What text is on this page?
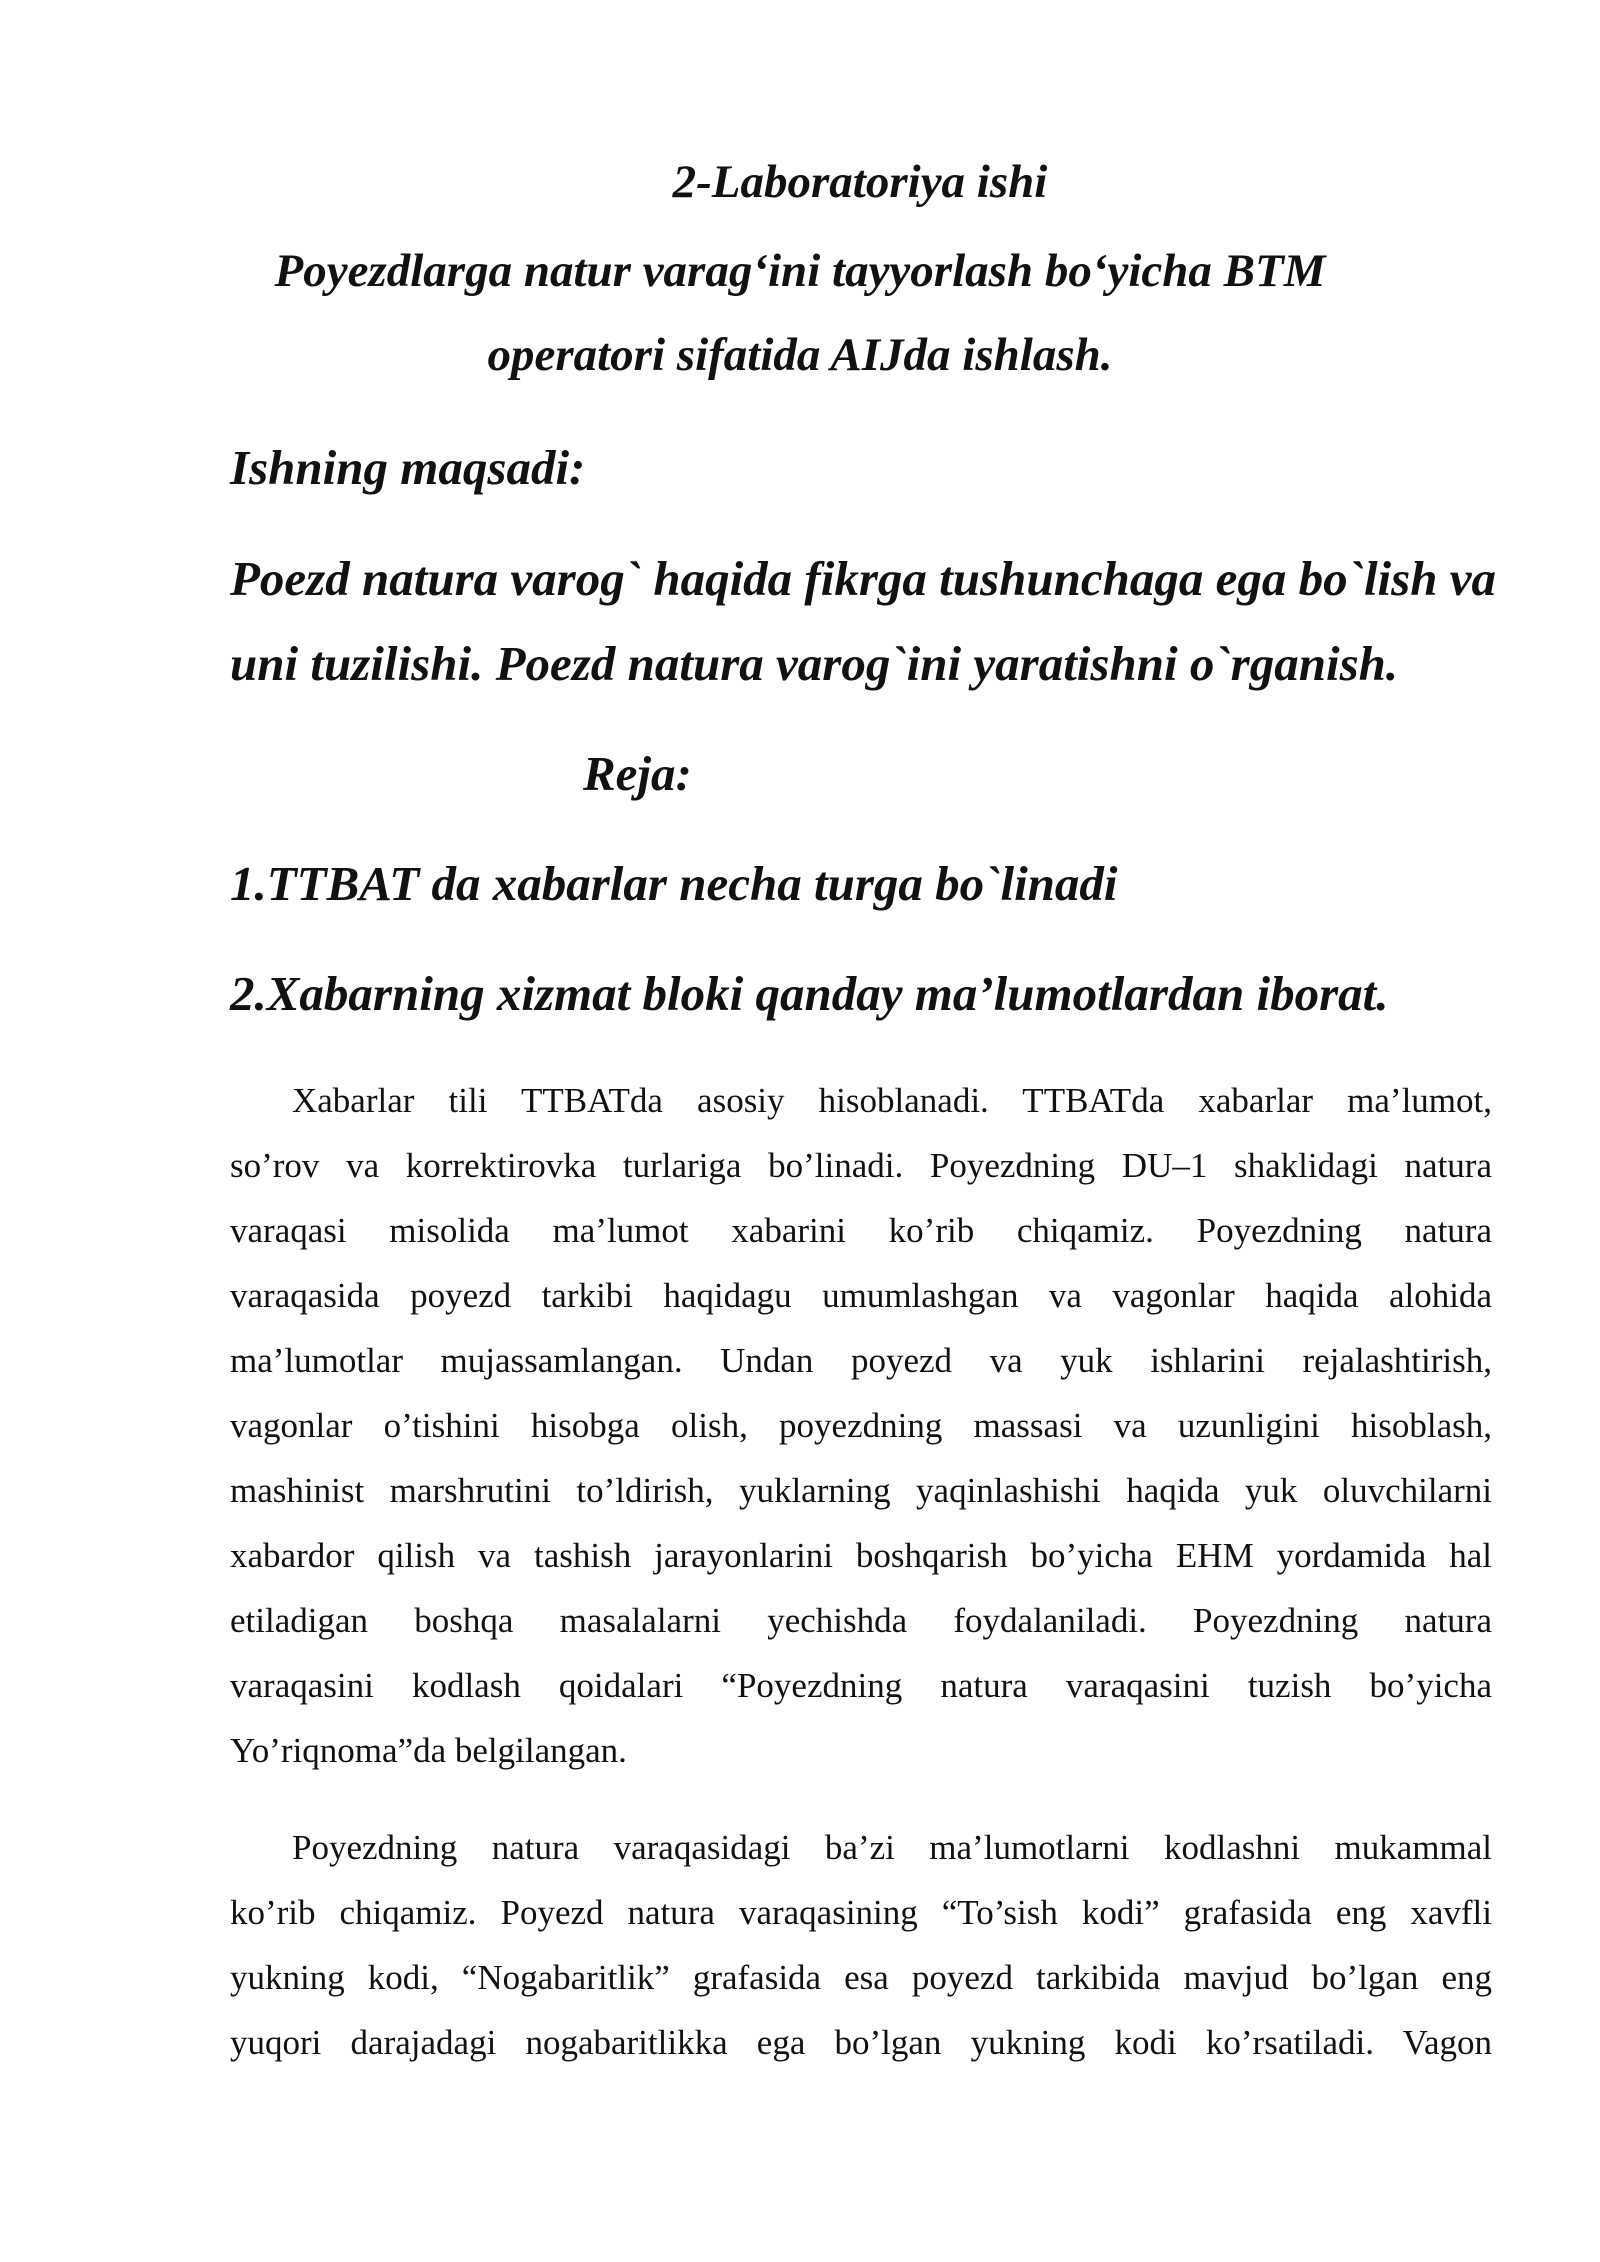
2-Laboratoriya ishi

Poyezdlarga natur varag‘ini tayyorlash bo‘yicha BTM

operatori sifatida AIJda ishlash.

Ishning maqsadi:

Poezd natura varog` haqida fikrga tushunchaga ega bo`lish va

uni tuzilishi. Poezd natura varog`ini yaratishni o`rganish.

Reja:

1.TTBAT da xabarlar necha turga bo`linadi

2.Xabarning xizmat bloki qanday ma’lumotlardan iborat.

Xabarlar tili TTBATda asosiy hisoblanadi. TTBATda xabarlar ma’lumot,
so’rov va korrektirovka turlariga bo’linadi. Poyezdning DU–1 shaklidagi natura
varaqasi misolida ma’lumot xabarini ko’rib chiqamiz. Poyezdning natura
varaqasida poyezd tarkibi haqidagu umumlashgan va vagonlar haqida alohida
ma’lumotlar mujassamlangan. Undan poyezd va yuk ishlarini rejalashtirish,
vagonlar o’tishini hisobga olish, poyezdning massasi va uzunligini hisoblash,
mashinist marshrutini to’ldirish, yuklarning yaqinlashishi haqida yuk oluvchilarni
xabardor qilish va tashish jarayonlarini boshqarish bo’yicha EHM yordamida hal
etiladigan boshqa masalalarni yechishda foydalaniladi. Poyezdning natura
varaqasini kodlash qoidalari “Poyezdning natura varaqasini tuzish bo’yicha
Yo’riqnoma”da belgilangan.
Poyezdning natura varaqasidagi ba’zi ma’lumotlarni kodlashni mukammal
ko’rib chiqamiz. Poyezd natura varaqasining “To’sish kodi” grafasida eng xavfli
yukning kodi, “Nogabaritlik” grafasida esa poyezd tarkibida mavjud bo’lgan eng
yuqori darajadagi nogabaritlikka ega bo’lgan yukning kodi ko’rsatiladi. Vagon
